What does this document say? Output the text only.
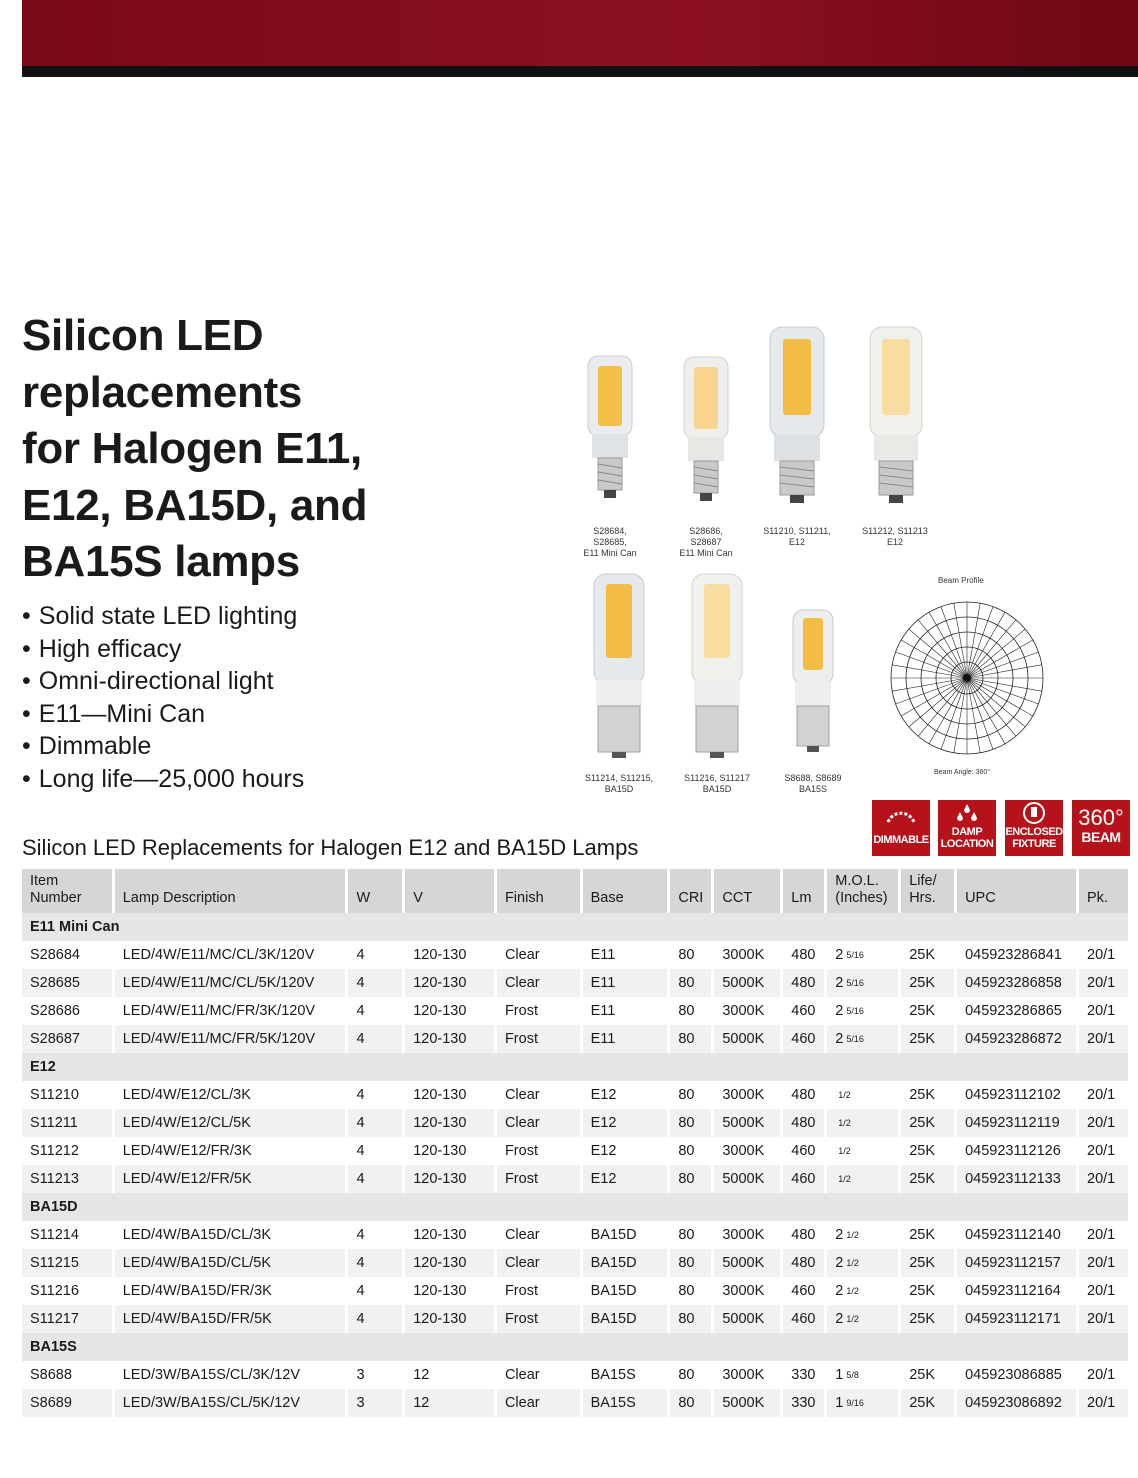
Silicon LED
replacements
for Halogen E11,
E12, BA15D, and
BA15S lamps
• Solid state LED lighting
• High efficacy
• Omni-directional light
• E11—Mini Can
• Dimmable
• Long life—25,000 hours
S28684,
S28685,
E11 Mini Can
S28686,
S28687
E11 Mini Can
S11210, S11211,
E12
S11212, S11213
E12
S11214, S11215,
BA15D
S11216, S11217
BA15D
S8688, S8689
BA15S
Beam Profile
Beam Angle: 360°
DIMMABLE
DAMP
LOCATION
ENCLOSED
FIXTURE
360°
BEAM
Silicon LED Replacements for Halogen E12 and BA15D Lamps
Item
Number	Lamp Description	W	V	Finish	Base	CRI	CCT	Lm	M.O.L.
(Inches)	Life/
Hrs.	UPC	Pk.
E11 Mini Can												
S28684	LED/4W/E11/MC/CL/3K/120V	4	120-130	Clear	E11	80	3000K	480	2 5/16	25K	045923286841	20/1
S28685	LED/4W/E11/MC/CL/5K/120V	4	120-130	Clear	E11	80	5000K	480	2 5/16	25K	045923286858	20/1
S28686	LED/4W/E11/MC/FR/3K/120V	4	120-130	Frost	E11	80	3000K	460	2 5/16	25K	045923286865	20/1
S28687	LED/4W/E11/MC/FR/5K/120V	4	120-130	Frost	E11	80	5000K	460	2 5/16	25K	045923286872	20/1
E12												
S11210	LED/4W/E12/CL/3K	4	120-130	Clear	E12	80	3000K	480	1/2	25K	045923112102	20/1
S11211	LED/4W/E12/CL/5K	4	120-130	Clear	E12	80	5000K	480	1/2	25K	045923112119	20/1
S11212	LED/4W/E12/FR/3K	4	120-130	Frost	E12	80	3000K	460	1/2	25K	045923112126	20/1
S11213	LED/4W/E12/FR/5K	4	120-130	Frost	E12	80	5000K	460	1/2	25K	045923112133	20/1
BA15D												
S11214	LED/4W/BA15D/CL/3K	4	120-130	Clear	BA15D	80	3000K	480	2 1/2	25K	045923112140	20/1
S11215	LED/4W/BA15D/CL/5K	4	120-130	Clear	BA15D	80	5000K	480	2 1/2	25K	045923112157	20/1
S11216	LED/4W/BA15D/FR/3K	4	120-130	Frost	BA15D	80	3000K	460	2 1/2	25K	045923112164	20/1
S11217	LED/4W/BA15D/FR/5K	4	120-130	Frost	BA15D	80	5000K	460	2 1/2	25K	045923112171	20/1
BA15S												
S8688	LED/3W/BA15S/CL/3K/12V	3	12	Clear	BA15S	80	3000K	330	1 5/8	25K	045923086885	20/1
S8689	LED/3W/BA15S/CL/5K/12V	3	12	Clear	BA15S	80	5000K	330	1 9/16	25K	045923086892	20/1
